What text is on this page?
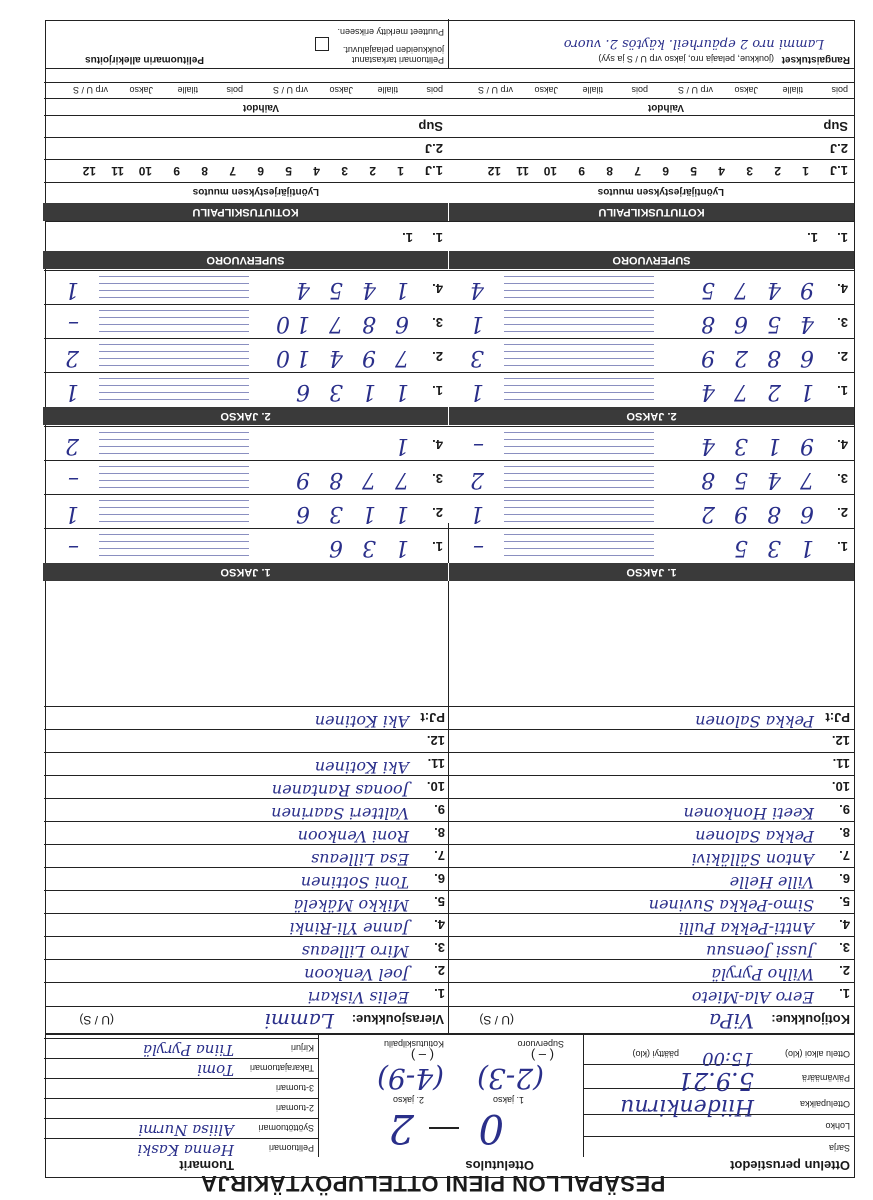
PESÄPALLON PIENI OTTELUPÖYTÄKIRJA
Ottelun perustiedot
Ottelutulos
Tuomarit
Sarja
Lohko
Ottelupaikka
Hiidenkirnu
Päivämäärä
5.9.21
Ottelu alkoi (klo)
15:00
päättyi (klo)
0
2
(2-3)
(4-9)
1. jakso
2. jakso
( – )
( – )
Supervuoro
Kotiutuskilpailu
Pelituomari
Henna Kaski
Syöttötuomari
Aliisa Nurmi
2-tuomari
3-tuomari
Takarajatuomari
Tomi
Kirjuri
Tiina Pyrylä
Kotijoukkue:
ViPa
(U / S)
Vierasjoukkue:
Lammi
(U / S)
1.
Eero Ala-Mieto
2.
Wilho Pyrylä
3.
Jussi Joensuu
4.
Antti-Pekka Pulli
5.
Simo-Pekka Suvinen
6.
Ville Helle
7.
Anton Sälläkivi
8.
Pekka Salonen
9.
Keeti Honkonen
10.
11.
12.
PJ:t
Pekka Salonen
1.
Eelis Viskari
2.
Joel Venkoon
3.
Miro Lilleaus
4.
Janne Yli-Rinki
5.
Mikko Mäkelä
6.
Toni Sottinen
7.
Esa Lilleaus
8.
Roni Venkoon
9.
Valtteri Saarinen
10.
Joonas Rantanen
11.
Aki Kotinen
12.
PJ:t
Aki Kotinen
1. JAKSO
1. JAKSO
1.
1 3 5
–
2.
6 8 9 2
1
3.
7 4 5 8
2
4.
9 1 3 4
–
1.
1 3 6
–
2.
1 1 3 6
1
3.
7 7 8 9
–
4.
1
2
2. JAKSO
2. JAKSO
1.
1 2 7 4
1
2.
6 8 2 9
3
3.
4 5 6 8
1
4.
9 4 7 5
4
1.
1 1 3 6
1
2.
7 9 4 10
2
3.
6 8 7 10
–
4.
1 4 5 4
1
SUPERVUORO
SUPERVUORO
1.
1.	1.
1.
KOTIUTUSKILPAILU
KOTIUTUSKILPAILU
Lyöntijärjestyksen muutos
1.J
1
2
3
4
5
6
7
8
9
10
11
12
2.J
Sup
Lyöntijärjestyksen muutos
1.J
1
2
3
4
5
6
7
8
9
10
11
12
2.J
Sup
Vaihdot
pois
tilalle
Jakso
vrp U / S
pois
tilalle
Jakso
vrp U / S
Vaihdot
pois
tilalle
Jakso
vrp U / S
pois
tilalle
Jakso
vrp U / S
Rangaistukset
(joukkue, pelaaja nro, jakso vrp U / S ja syy)
Lammi nro 2 epäurheil. käytös 2. vuoro
Pelituomari tarkastanut joukkueiden pelaajaluvut.
Puutteet merkitty erikseen.
Pelituomarin allekirjoitus
